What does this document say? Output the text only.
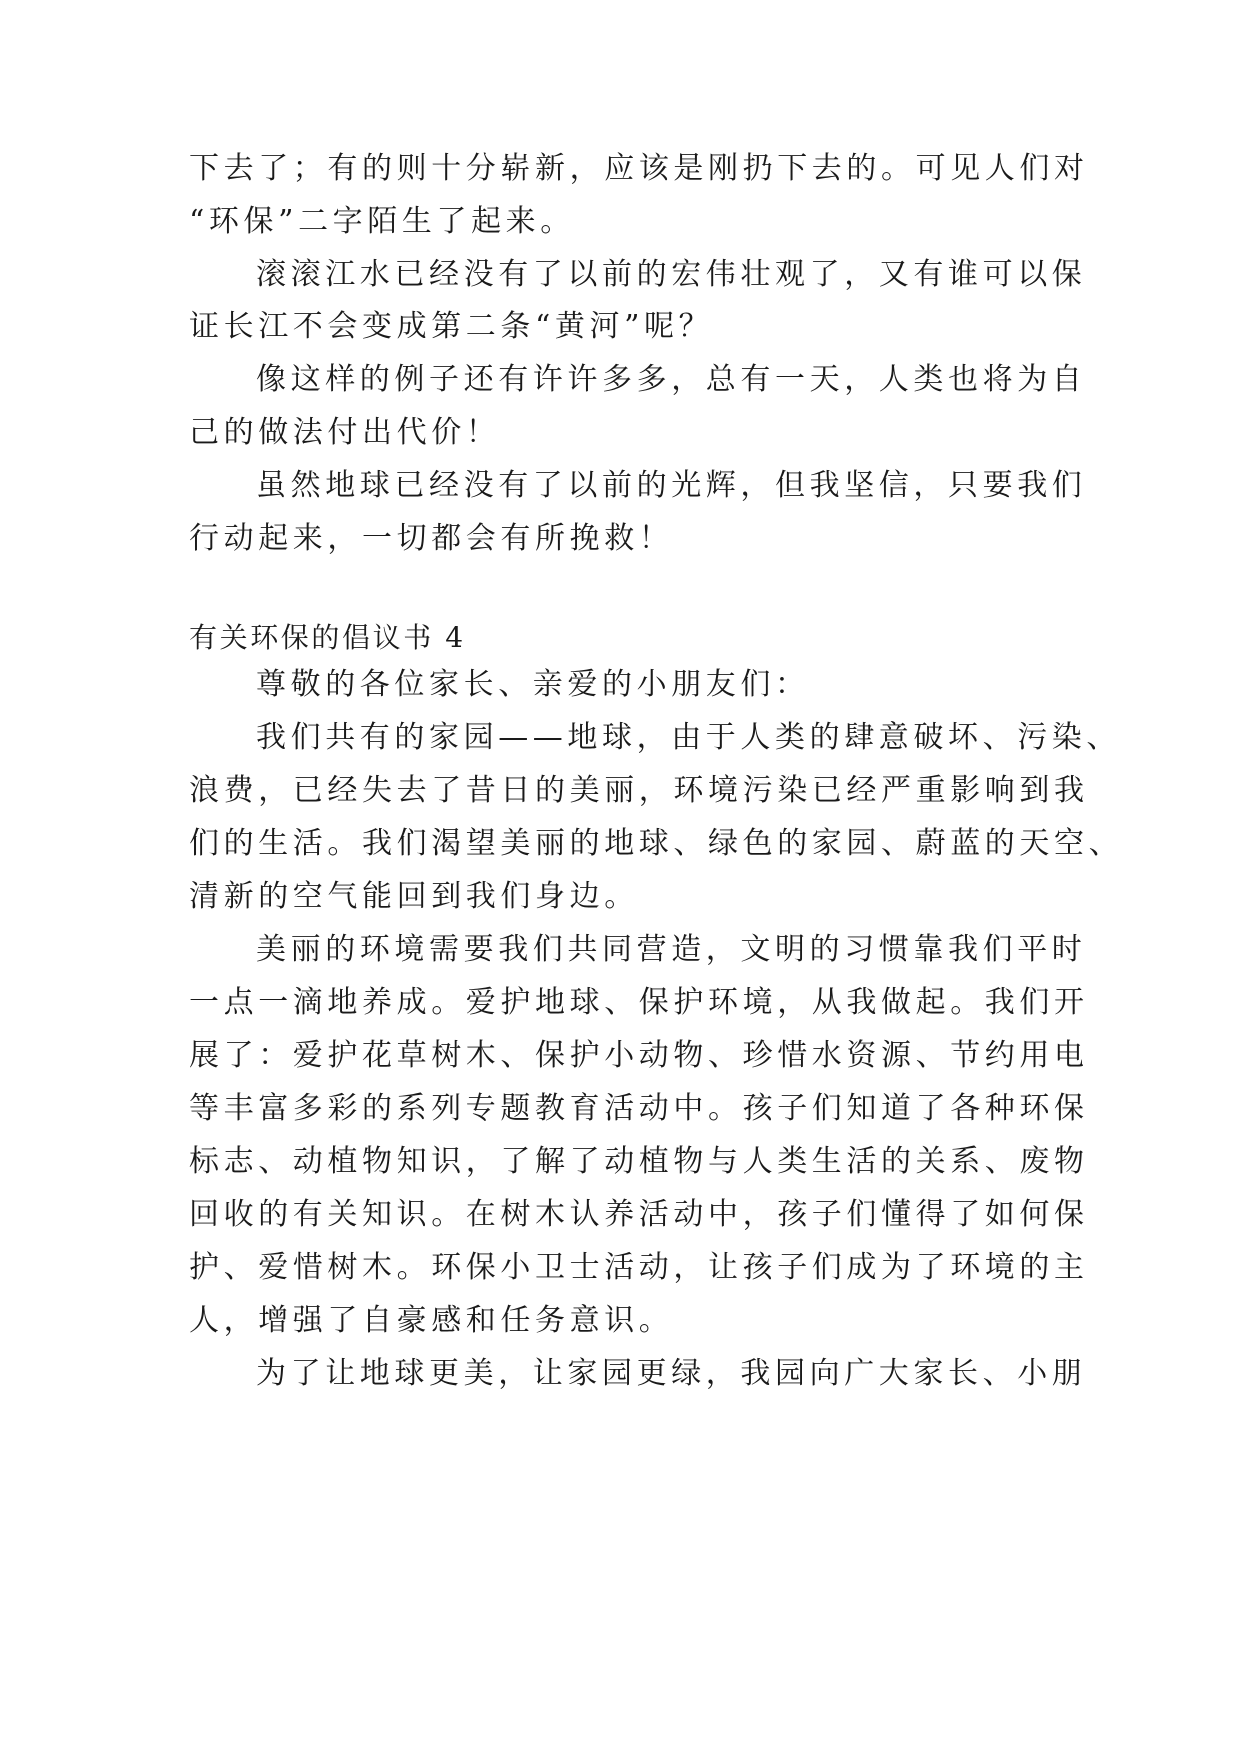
下去了；有的则十分崭新，应该是刚扔下去的。可见人们对
“环保”二字陌生了起来。
滚滚江水已经没有了以前的宏伟壮观了，又有谁可以保
证长江不会变成第二条“黄河”呢？
像这样的例子还有许许多多，总有一天，人类也将为自
己的做法付出代价！
虽然地球已经没有了以前的光辉，但我坚信，只要我们
行动起来，一切都会有所挽救！
有关环保的倡议书 4
尊敬的各位家长、亲爱的小朋友们：
我们共有的家园——地球，由于人类的肆意破坏、污染、
浪费，已经失去了昔日的美丽，环境污染已经严重影响到我
们的生活。我们渴望美丽的地球、绿色的家园、蔚蓝的天空、
清新的空气能回到我们身边。
美丽的环境需要我们共同营造，文明的习惯靠我们平时
一点一滴地养成。爱护地球、保护环境，从我做起。我们开
展了：爱护花草树木、保护小动物、珍惜水资源、节约用电
等丰富多彩的系列专题教育活动中。孩子们知道了各种环保
标志、动植物知识，了解了动植物与人类生活的关系、废物
回收的有关知识。在树木认养活动中，孩子们懂得了如何保
护、爱惜树木。环保小卫士活动，让孩子们成为了环境的主
人，增强了自豪感和任务意识。
为了让地球更美，让家园更绿，我园向广大家长、小朋
